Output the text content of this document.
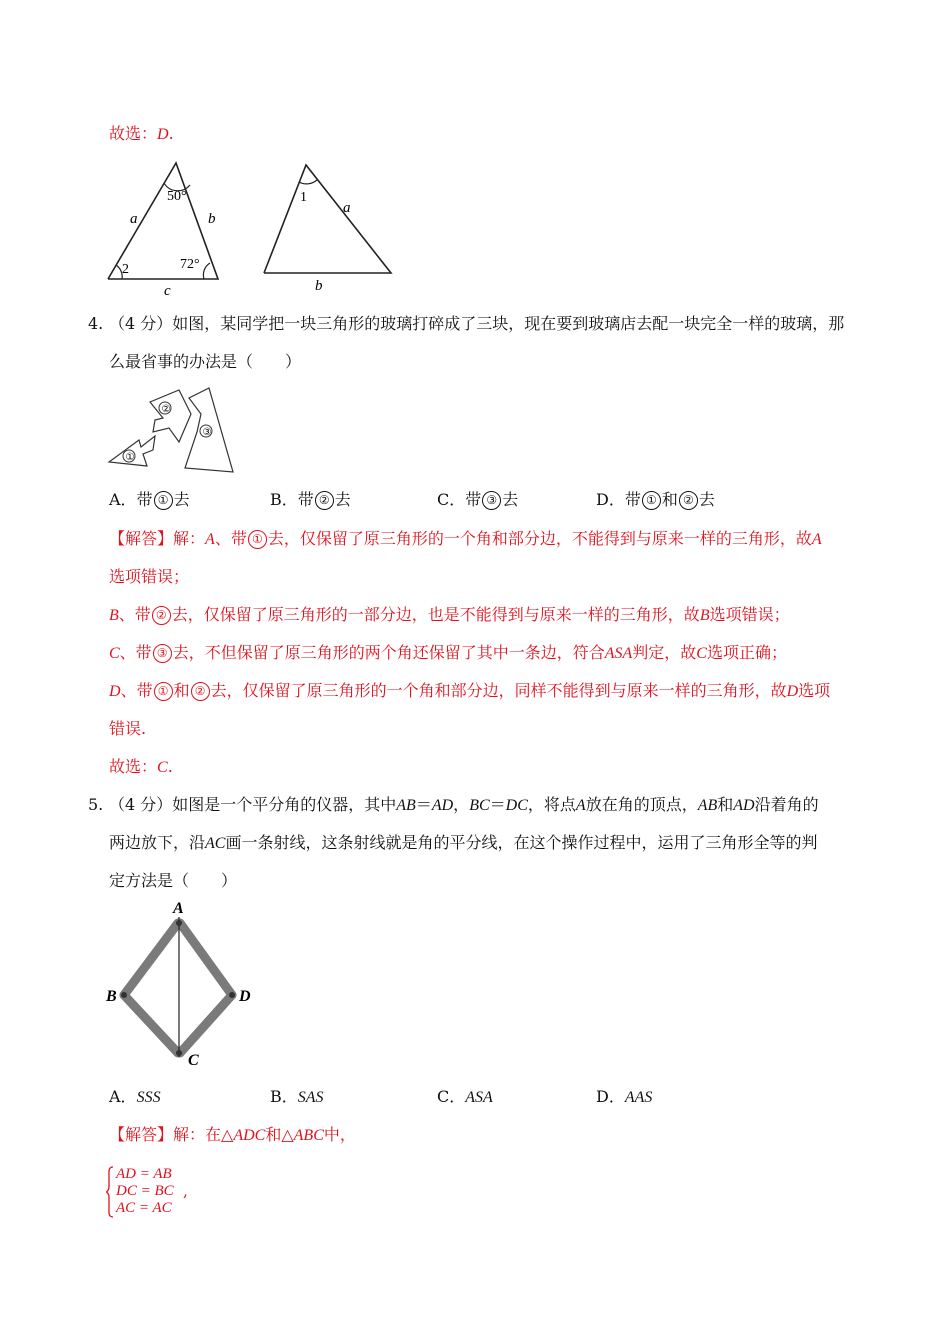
故选：D.
50°
a	b
2	72°
c
1
a
b
4. （4 分）如图，某同学把一块三角形的玻璃打碎成了三块，现在要到玻璃店去配一块完全一样的玻璃，那
么最省事的办法是（　　）
①
②
③
A．带 ① 去	B．带 ② 去	C．带 ③ 去	D．带 ① 和 ② 去
【解答】解：A、带 ① 去，仅保留了原三角形的一个角和部分边，不能得到与原来一样的三角形，故A
选项错误；
B、带 ② 去，仅保留了原三角形的一部分边，也是不能得到与原来一样的三角形，故B选项错误；
C、带 ③ 去，不但保留了原三角形的两个角还保留了其中一条边，符合ASA判定，故C选项正确；
D、带 ① 和 ② 去，仅保留了原三角形的一个角和部分边，同样不能得到与原来一样的三角形，故D选项
错误.
故选：C.
5. （4 分）如图是一个平分角的仪器，其中AB＝AD，BC＝DC，将点A放在角的顶点，AB和AD沿着角的
两边放下，沿AC画一条射线，这条射线就是角的平分线，在这个操作过程中，运用了三角形全等的判
定方法是（　　）
A
B	D
C
A．SSS	B．SAS	C．ASA	D．AAS
【解答】解：在△ADC和△ABC中，
AD = AB
DC = BC ,
AC = AC
